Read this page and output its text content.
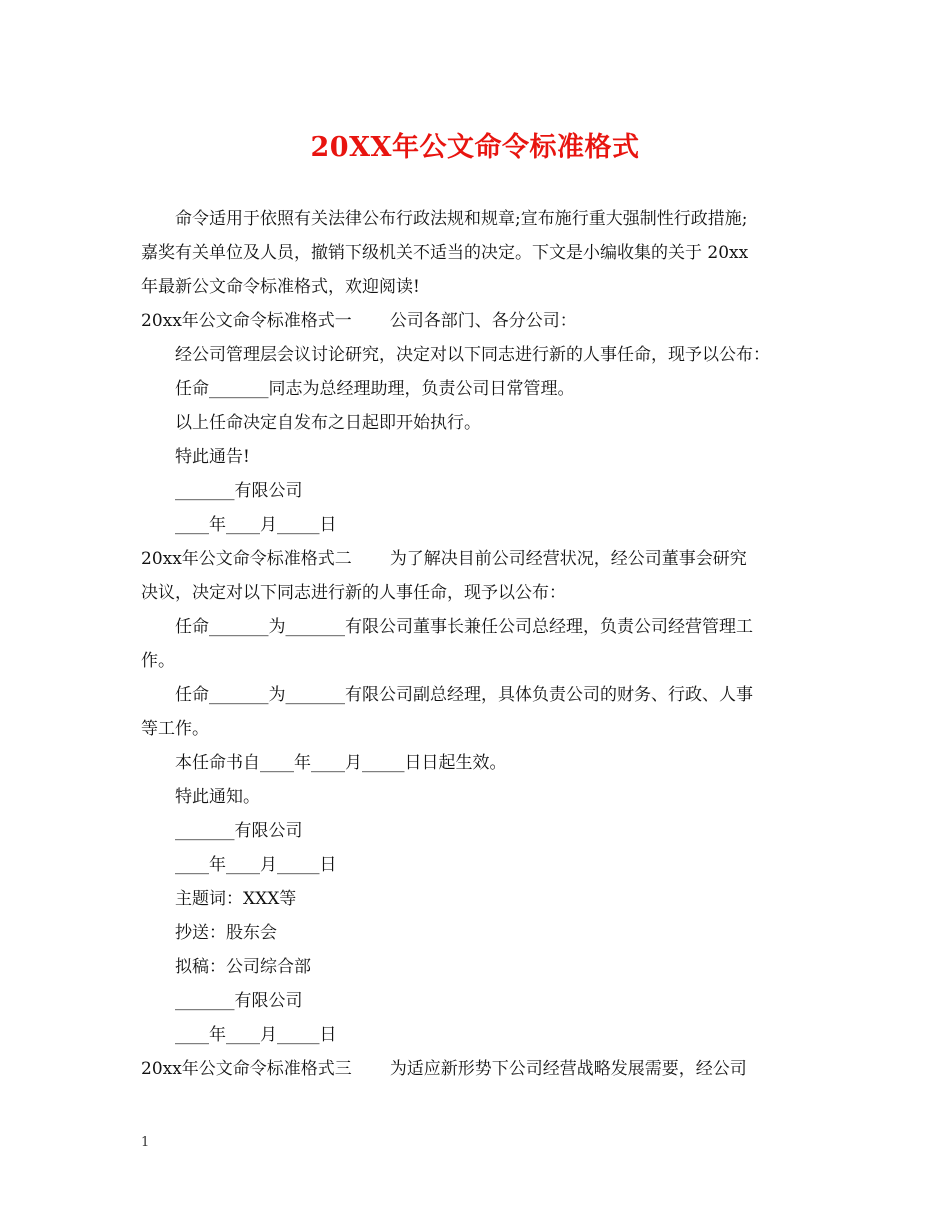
20XX年公文命令标准格式

命令适用于依照有关法律公布行政法规和规章;宣布施行重大强制性行政措施;

嘉奖有关单位及人员，撤销下级机关不适当的决定。下文是小编收集的关于 20xx

年最新公文命令标准格式，欢迎阅读!

20xx年公文命令标准格式一 公司各部门、各分公司：

经公司管理层会议讨论研究，决定对以下同志进行新的人事任命，现予以公布：

任命_______同志为总经理助理，负责公司日常管理。

以上任命决定自发布之日起即开始执行。

特此通告!

_______有限公司

____年____月_____日

20xx年公文命令标准格式二 为了解决目前公司经营状况，经公司董事会研究

决议，决定对以下同志进行新的人事任命，现予以公布：

任命_______为_______有限公司董事长兼任公司总经理，负责公司经营管理工

作。

任命_______为_______有限公司副总经理，具体负责公司的财务、行政、人事

等工作。

本任命书自____年____月_____日日起生效。

特此通知。

_______有限公司

____年____月_____日

主题词：XXX等

抄送：股东会

拟稿：公司综合部

_______有限公司

____年____月_____日

20xx年公文命令标准格式三 为适应新形势下公司经营战略发展需要，经公司

1
